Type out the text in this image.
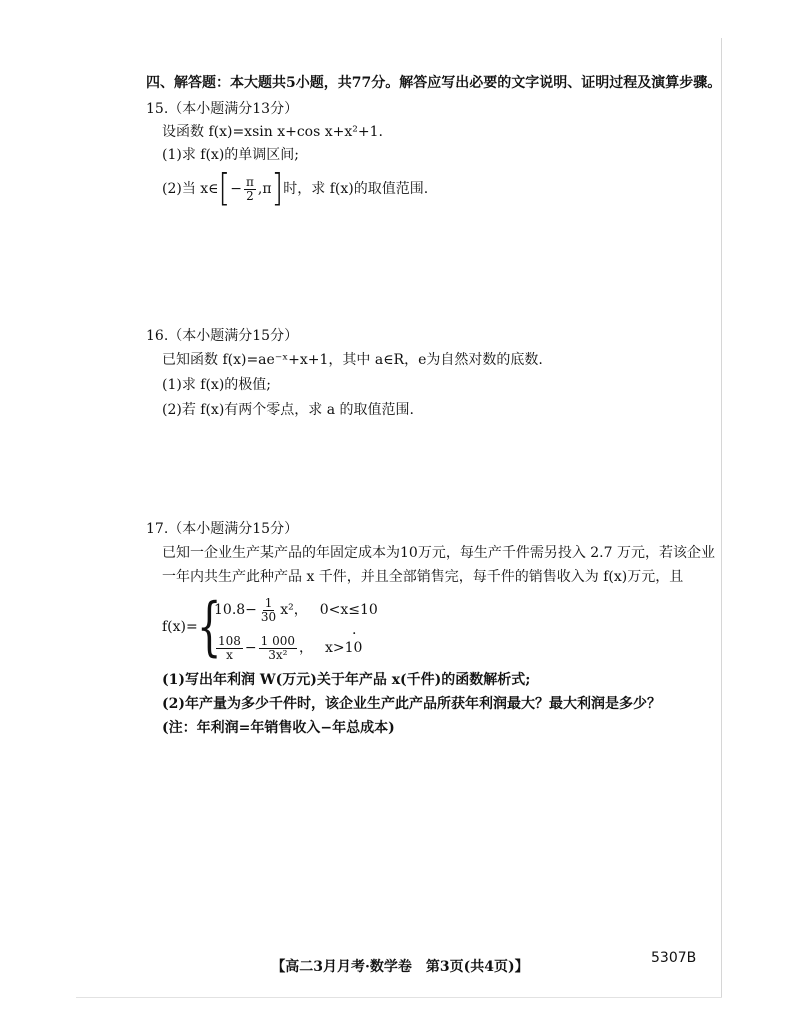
四、解答题：本大题共5小题，共77分。解答应写出必要的文字说明、证明过程及演算步骤。
15.（本小题满分13分）
设函数 f(x)=xsin x+cos x+x²+1.
(1)求 f(x)的单调区间;
(2)当 x∈ [ − $\frac{\pi}{2} ,\pi$ ] 时，求 f(x)的取值范围.
16.（本小题满分15分）
已知函数 f(x)=ae⁻ˣ+x+1，其中 a∈R，e为自然对数的底数.
(1)求 f(x)的极值;
(2)若 f(x)有两个零点，求 a 的取值范围.
17.（本小题满分15分）
已知一企业生产某产品的年固定成本为10万元，每生产千件需另投入 2.7 万元，若该企业
一年内共生产此种产品 x 千件，并且全部销售完，每千件的销售收入为 f(x)万元，且
f(x)= {
$10.8- \frac{1}{30} x^2$， 0<x≤10
$\frac{108}{x} - \frac{1 000}{\text{3x²}}$ ， x>10
.
(1)写出年利润 W(万元)关于年产品 x(千件)的函数解析式;
(2)年产量为多少千件时，该企业生产此产品所获年利润最大？最大利润是多少？
(注：年利润=年销售收入−年总成本)
【高二3月月考·数学卷　第3页(共4页)】
5307B
